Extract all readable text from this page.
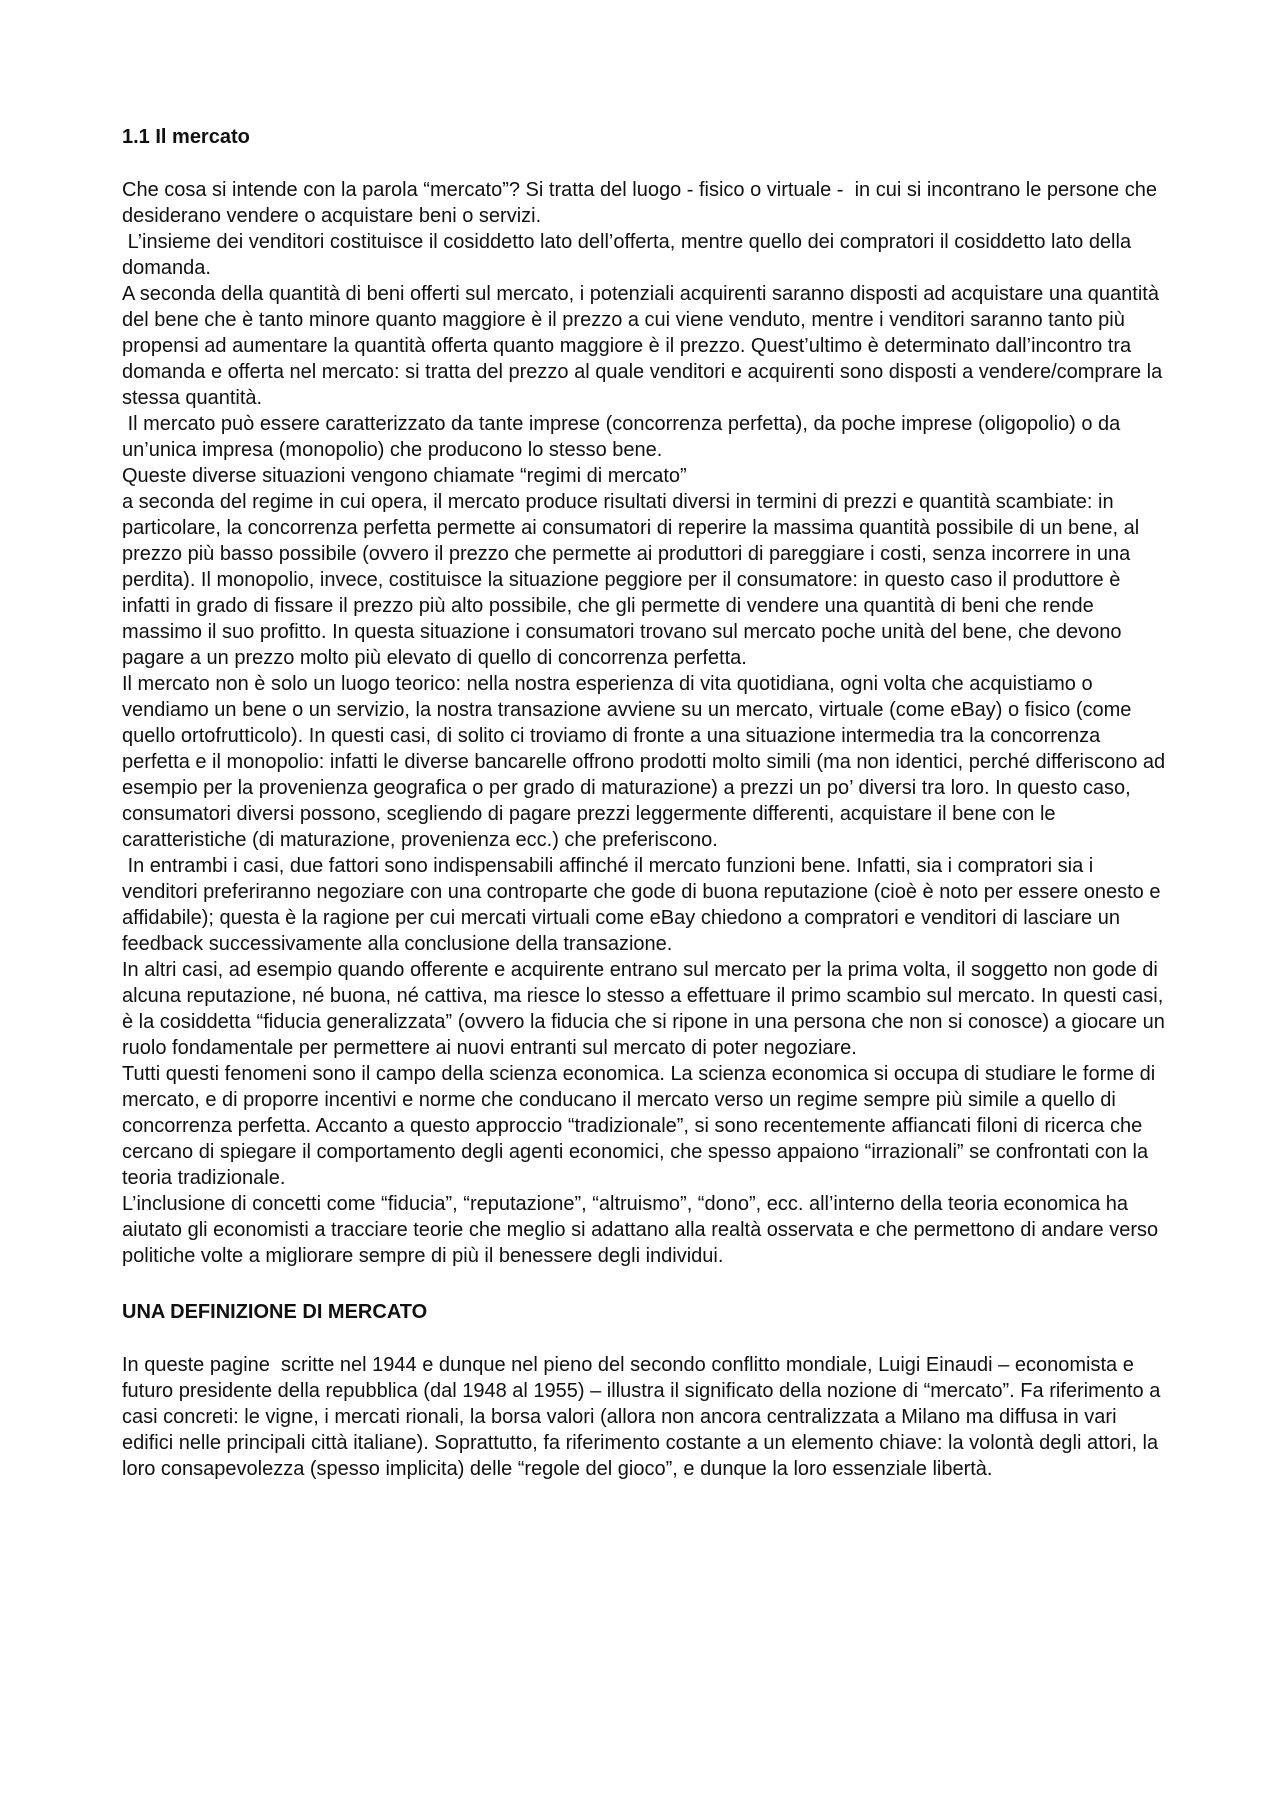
1.1 Il mercato

Che cosa si intende con la parola “mercato”? Si tratta del luogo - fisico o virtuale -  in cui si incontrano le persone che desiderano vendere o acquistare beni o servizi.

L’insieme dei venditori costituisce il cosiddetto lato dell’offerta, mentre quello dei compratori il cosiddetto lato della domanda.

A seconda della quantità di beni offerti sul mercato, i potenziali acquirenti saranno disposti ad acquistare una quantità del bene che è tanto minore quanto maggiore è il prezzo a cui viene venduto, mentre i venditori saranno tanto più propensi ad aumentare la quantità offerta quanto maggiore è il prezzo. Quest’ultimo è determinato dall’incontro tra domanda e offerta nel mercato: si tratta del prezzo al quale venditori e acquirenti sono disposti a vendere/comprare la stessa quantità.

Il mercato può essere caratterizzato da tante imprese (concorrenza perfetta), da poche imprese (oligopolio) o da un’unica impresa (monopolio) che producono lo stesso bene.

Queste diverse situazioni vengono chiamate “regimi di mercato”

a seconda del regime in cui opera, il mercato produce risultati diversi in termini di prezzi e quantità scambiate: in particolare, la concorrenza perfetta permette ai consumatori di reperire la massima quantità possibile di un bene, al prezzo più basso possibile (ovvero il prezzo che permette ai produttori di pareggiare i costi, senza incorrere in una perdita). Il monopolio, invece, costituisce la situazione peggiore per il consumatore: in questo caso il produttore è infatti in grado di fissare il prezzo più alto possibile, che gli permette di vendere una quantità di beni che rende massimo il suo profitto. In questa situazione i consumatori trovano sul mercato poche unità del bene, che devono pagare a un prezzo molto più elevato di quello di concorrenza perfetta.

Il mercato non è solo un luogo teorico: nella nostra esperienza di vita quotidiana, ogni volta che acquistiamo o vendiamo un bene o un servizio, la nostra transazione avviene su un mercato, virtuale (come eBay) o fisico (come quello ortofrutticolo). In questi casi, di solito ci troviamo di fronte a una situazione intermedia tra la concorrenza perfetta e il monopolio: infatti le diverse bancarelle offrono prodotti molto simili (ma non identici, perché differiscono ad esempio per la provenienza geografica o per grado di maturazione) a prezzi un po’ diversi tra loro. In questo caso, consumatori diversi possono, scegliendo di pagare prezzi leggermente differenti, acquistare il bene con le caratteristiche (di maturazione, provenienza ecc.) che preferiscono.

In entrambi i casi, due fattori sono indispensabili affinché il mercato funzioni bene. Infatti, sia i compratori sia i venditori preferiranno negoziare con una controparte che gode di buona reputazione (cioè è noto per essere onesto e affidabile); questa è la ragione per cui mercati virtuali come eBay chiedono a compratori e venditori di lasciare un feedback successivamente alla conclusione della transazione.

In altri casi, ad esempio quando offerente e acquirente entrano sul mercato per la prima volta, il soggetto non gode di alcuna reputazione, né buona, né cattiva, ma riesce lo stesso a effettuare il primo scambio sul mercato. In questi casi, è la cosiddetta “fiducia generalizzata” (ovvero la fiducia che si ripone in una persona che non si conosce) a giocare un ruolo fondamentale per permettere ai nuovi entranti sul mercato di poter negoziare.

Tutti questi fenomeni sono il campo della scienza economica. La scienza economica si occupa di studiare le forme di mercato, e di proporre incentivi e norme che conducano il mercato verso un regime sempre più simile a quello di concorrenza perfetta. Accanto a questo approccio “tradizionale”, si sono recentemente affiancati filoni di ricerca che cercano di spiegare il comportamento degli agenti economici, che spesso appaiono “irrazionali” se confrontati con la teoria tradizionale.

L’inclusione di concetti come “fiducia”, “reputazione”, “altruismo”, “dono”, ecc. all’interno della teoria economica ha aiutato gli economisti a tracciare teorie che meglio si adattano alla realtà osservata e che permettono di andare verso politiche volte a migliorare sempre di più il benessere degli individui.

UNA DEFINIZIONE DI MERCATO

In queste pagine  scritte nel 1944 e dunque nel pieno del secondo conflitto mondiale, Luigi Einaudi – economista e futuro presidente della repubblica (dal 1948 al 1955) – illustra il significato della nozione di “mercato”. Fa riferimento a casi concreti: le vigne, i mercati rionali, la borsa valori (allora non ancora centralizzata a Milano ma diffusa in vari edifici nelle principali città italiane). Soprattutto, fa riferimento costante a un elemento chiave: la volontà degli attori, la loro consapevolezza (spesso implicita) delle “regole del gioco”, e dunque la loro essenziale libertà.
